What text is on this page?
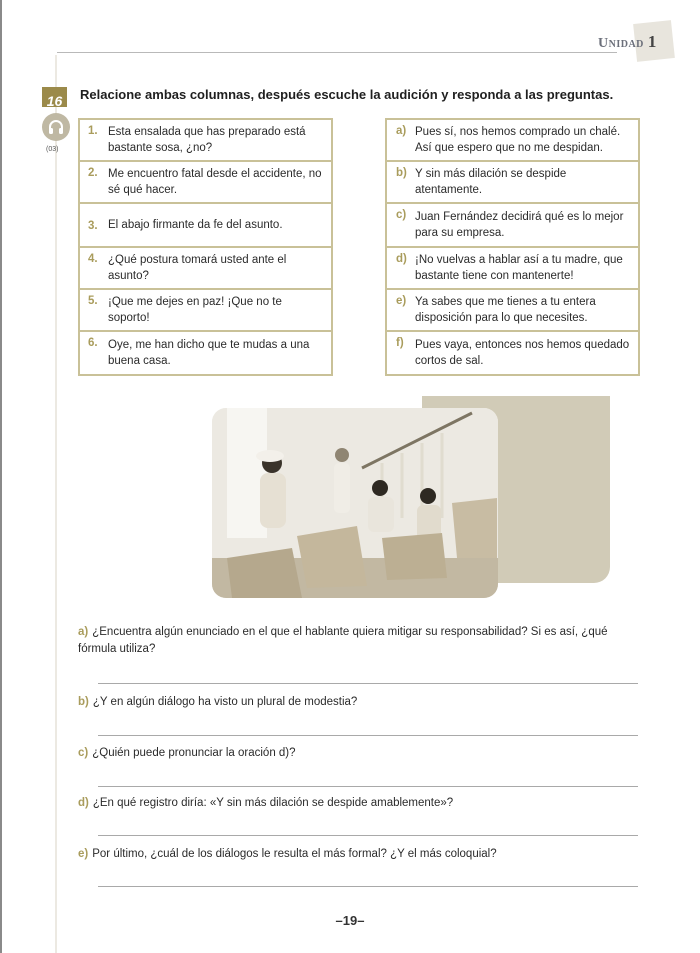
Unidad 1
16	Relacione ambas columnas, después escuche la audición y responda a las preguntas.
(03)
1. Esta ensalada que has preparado está bastante sosa, ¿no?
2. Me encuentro fatal desde el accidente, no sé qué hacer.
3. El abajo firmante da fe del asunto.
4. ¿Qué postura tomará usted ante el asunto?
5. ¡Que me dejes en paz! ¡Que no te soporto!
6. Oye, me han dicho que te mudas a una buena casa.
a) Pues sí, nos hemos comprado un chalé. Así que espero que no me despidan.
b) Y sin más dilación se despide atentamente.
c) Juan Fernández decidirá qué es lo mejor para su empresa.
d) ¡No vuelvas a hablar así a tu madre, que bastante tiene con mantenerte!
e) Ya sabes que me tienes a tu entera disposición para lo que necesites.
f) Pues vaya, entonces nos hemos quedado cortos de sal.
a) ¿Encuentra algún enunciado en el que el hablante quiera mitigar su responsabilidad? Si es así, ¿qué fórmula utiliza?
b) ¿Y en algún diálogo ha visto un plural de modestia?
c) ¿Quién puede pronunciar la oración d)?
d) ¿En qué registro diría: «Y sin más dilación se despide amablemente»?
e) Por último, ¿cuál de los diálogos le resulta el más formal? ¿Y el más coloquial?
–19–
